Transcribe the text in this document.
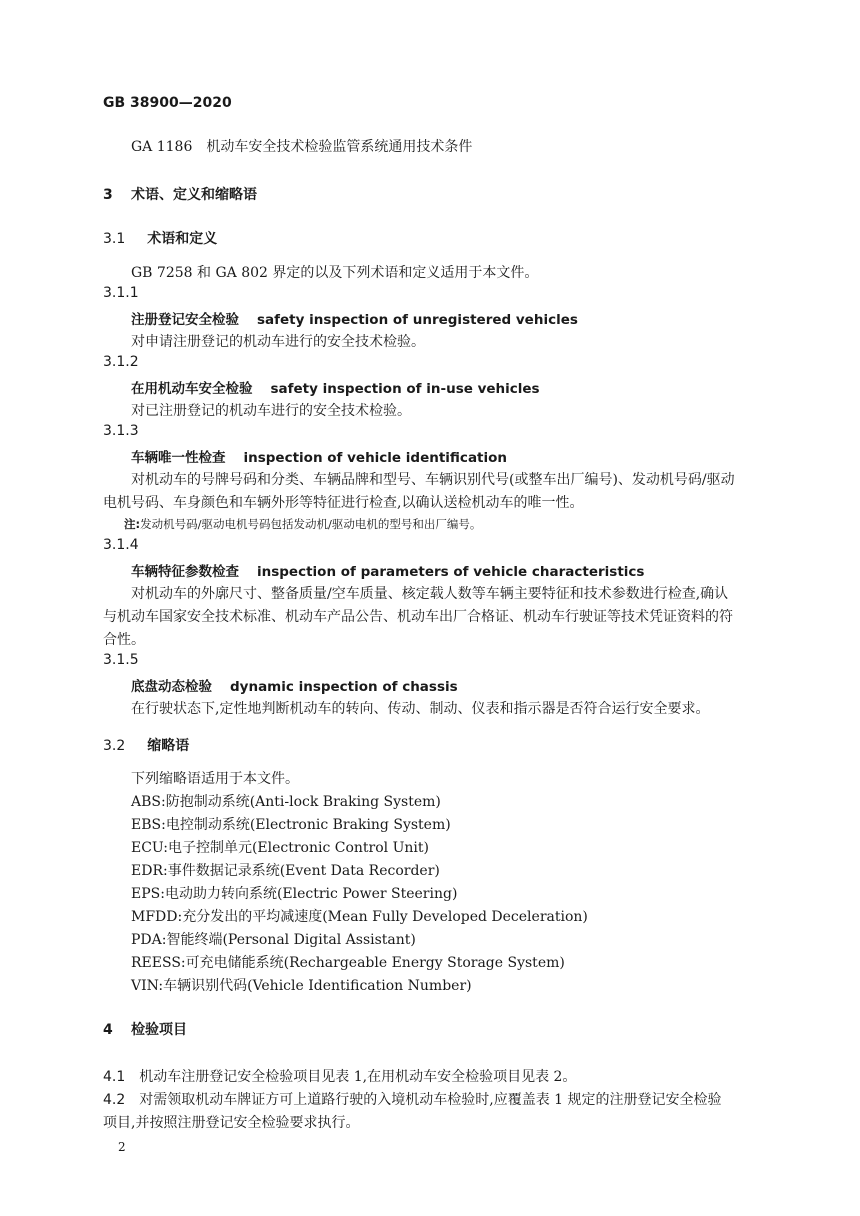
GB 38900—2020
GA 1186　机动车安全技术检验监管系统通用技术条件
3 术语、定义和缩略语
3.1 术语和定义
GB 7258 和 GA 802 界定的以及下列术语和定义适用于本文件。
3.1.1
注册登记安全检验 safety inspection of unregistered vehicles
对申请注册登记的机动车进行的安全技术检验。
3.1.2
在用机动车安全检验 safety inspection of in-use vehicles
对已注册登记的机动车进行的安全技术检验。
3.1.3
车辆唯一性检查 inspection of vehicle identification
对机动车的号牌号码和分类、车辆品牌和型号、车辆识别代号(或整车出厂编号)、发动机号码/驱动
电机号码、车身颜色和车辆外形等特征进行检查,以确认送检机动车的唯一性。
注:发动机号码/驱动电机号码包括发动机/驱动电机的型号和出厂编号。
3.1.4
车辆特征参数检查 inspection of parameters of vehicle characteristics
对机动车的外廓尺寸、整备质量/空车质量、核定载人数等车辆主要特征和技术参数进行检查,确认
与机动车国家安全技术标准、机动车产品公告、机动车出厂合格证、机动车行驶证等技术凭证资料的符
合性。
3.1.5
底盘动态检验 dynamic inspection of chassis
在行驶状态下,定性地判断机动车的转向、传动、制动、仪表和指示器是否符合运行安全要求。
3.2 缩略语
下列缩略语适用于本文件。
ABS:防抱制动系统(Anti-lock Braking System)
EBS:电控制动系统(Electronic Braking System)
ECU:电子控制单元(Electronic Control Unit)
EDR:事件数据记录系统(Event Data Recorder)
EPS:电动助力转向系统(Electric Power Steering)
MFDD:充分发出的平均减速度(Mean Fully Developed Deceleration)
PDA:智能终端(Personal Digital Assistant)
REESS:可充电储能系统(Rechargeable Energy Storage System)
VIN:车辆识别代码(Vehicle Identification Number)
4 检验项目
4.1 机动车注册登记安全检验项目见表 1,在用机动车安全检验项目见表 2。
4.2 对需领取机动车牌证方可上道路行驶的入境机动车检验时,应覆盖表 1 规定的注册登记安全检验
项目,并按照注册登记安全检验要求执行。
2
